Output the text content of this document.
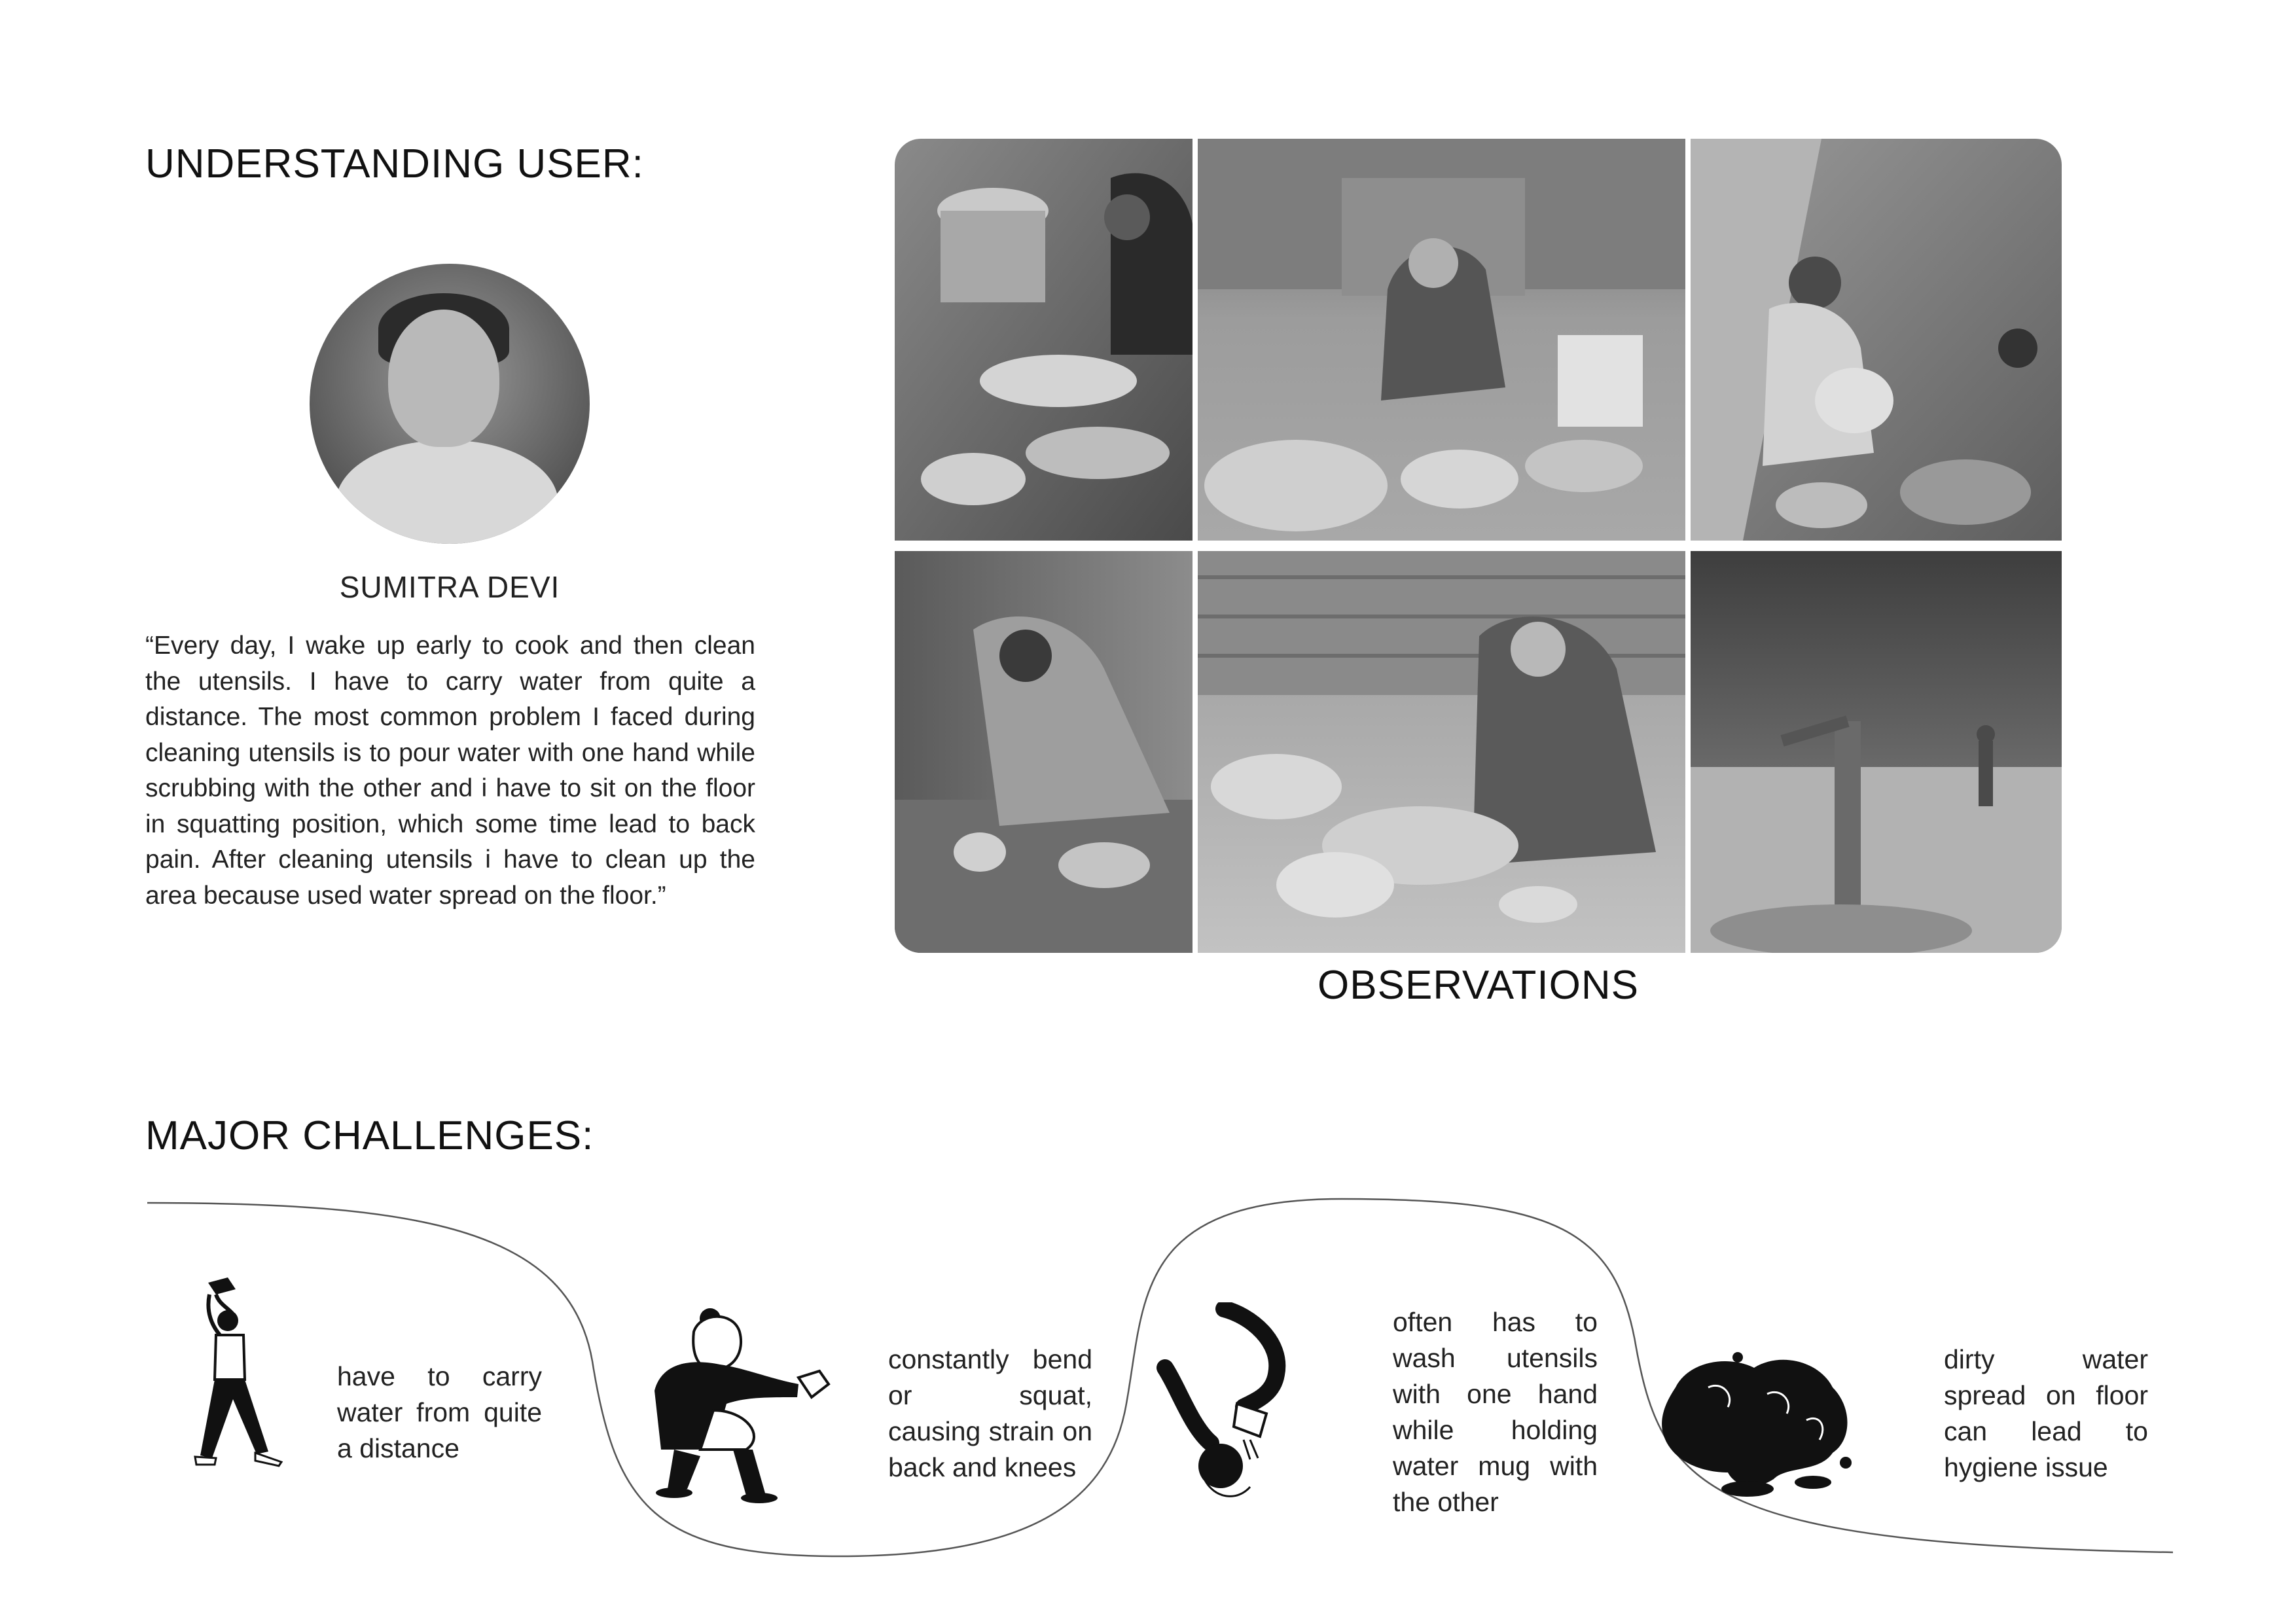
UNDERSTANDING USER:
SUMITRA DEVI

“Every day, I wake up early to cook and then clean the utensils. I have to carry water from quite a distance. The most common problem I faced during cleaning utensils is to pour water with one hand while scrubbing with the other and i have to sit on the floor in squatting position, which some time lead to back pain. After cleaning utensils i have to clean up the area because used water spread on the floor.”

OBSERVATIONS
MAJOR CHALLENGES:

have to carry water from quite a distance

constantly bend or squat, causing strain on back and knees

often has to wash utensils with one hand while holding water mug with the other

dirty water spread on floor can lead to hygiene issue
